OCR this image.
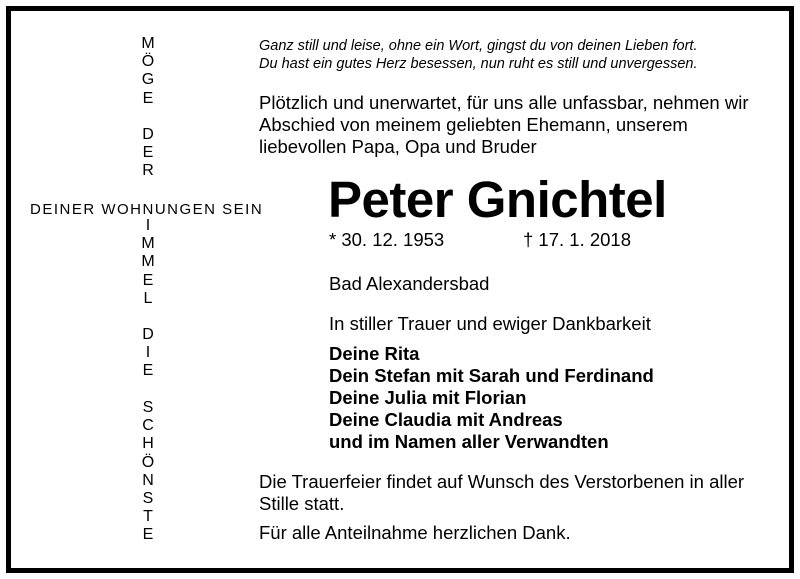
M
Ö
G
E
D
E
R
I
M
M
E
L
D
I
E
S
C
H
Ö
N
S
T
E
DEINER WOHNUNGEN SEIN
Ganz still und leise, ohne ein Wort, gingst du von deinen Lieben fort.
Du hast ein gutes Herz besessen, nun ruht es still und unvergessen.
Plötzlich und unerwartet, für uns alle unfassbar, nehmen wir Abschied von meinem geliebten Ehemann, unserem liebevollen Papa, Opa und Bruder
Peter Gnichtel
* 30. 12. 1953	† 17. 1. 2018
Bad Alexandersbad
In stiller Trauer und ewiger Dankbarkeit
Deine Rita
Dein Stefan mit Sarah und Ferdinand
Deine Julia mit Florian
Deine Claudia mit Andreas
und im Namen aller Verwandten
Die Trauerfeier findet auf Wunsch des Verstorbenen in aller Stille statt.
Für alle Anteilnahme herzlichen Dank.
